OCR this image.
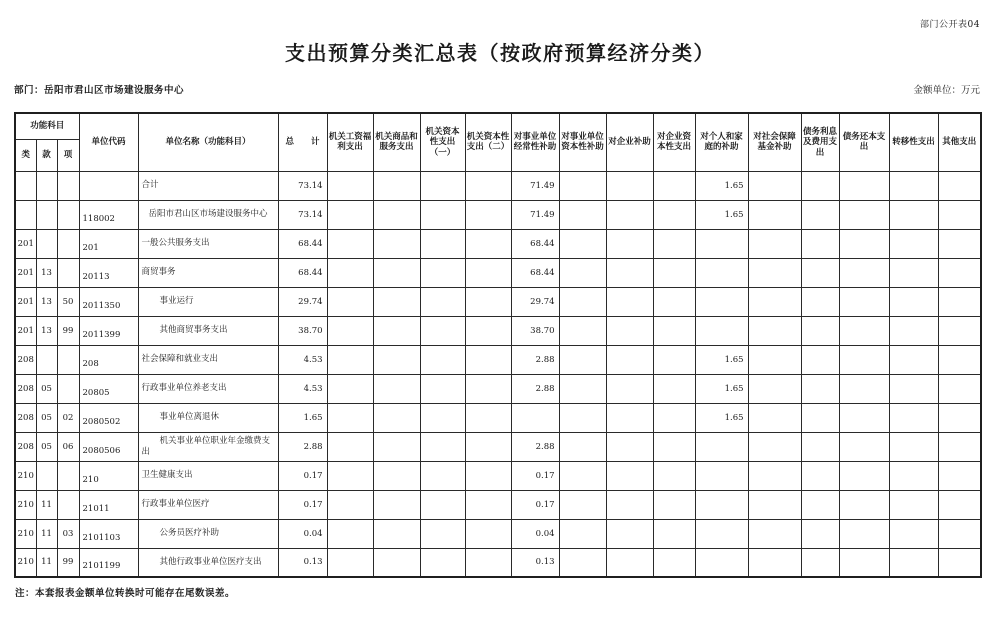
部门公开表04
支出预算分类汇总表（按政府预算经济分类）
部门：岳阳市君山区市场建设服务中心	金额单位：万元
功能科目			单位代码	单位名称（功能科目）	总　　计	机关工资福利支出	机关商品和服务支出	机关资本性支出（一）	机关资本性支出（二）	对事业单位经常性补助	对事业单位资本性补助	对企业补助	对企业资本性支出	对个人和家庭的补助	对社会保障基金补助	债务利息及费用支出	债务还本支出	转移性支出	其他支出
类	款	项																	
				合计	73.14					71.49				1.65					
			118002	岳阳市君山区市场建设服务中心	73.14					71.49				1.65					
201			201	一般公共服务支出	68.44					68.44									
201	13		20113	商贸事务	68.44					68.44									
201	13	50	2011350	事业运行	29.74					29.74									
201	13	99	2011399	其他商贸事务支出	38.70					38.70									
208			208	社会保障和就业支出	4.53					2.88				1.65					
208	05		20805	行政事业单位养老支出	4.53					2.88				1.65					
208	05	02	2080502	事业单位离退休	1.65									1.65					
208	05	06	2080506	机关事业单位职业年金缴费支出	2.88					2.88									
210			210	卫生健康支出	0.17					0.17									
210	11		21011	行政事业单位医疗	0.17					0.17									
210	11	03	2101103	公务员医疗补助	0.04					0.04									
210	11	99	2101199	其他行政事业单位医疗支出	0.13					0.13									
注：本套报表金额单位转换时可能存在尾数误差。
